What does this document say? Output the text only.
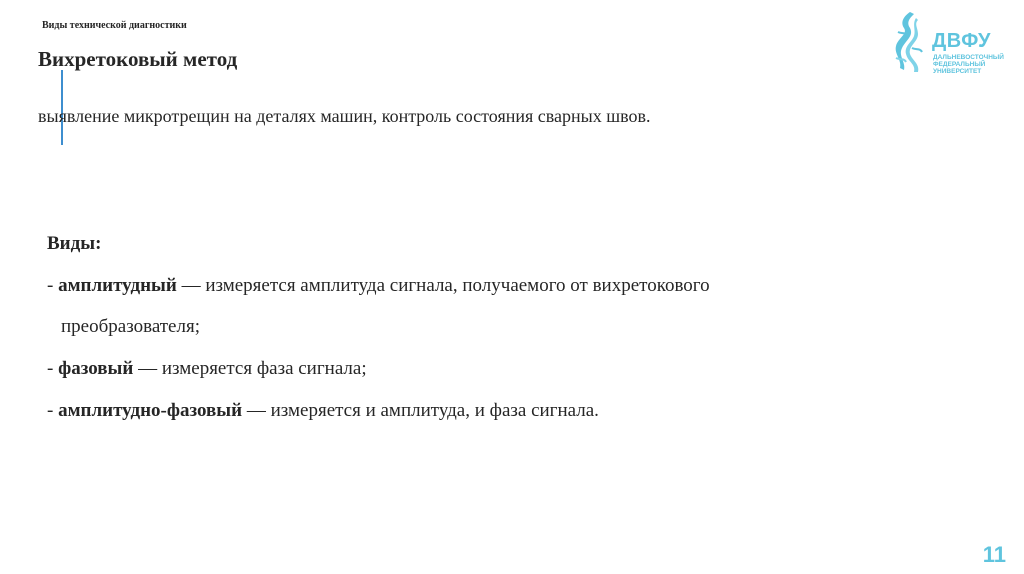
Виды технической диагностики
Вихретоковый метод
выявление микротрещин на деталях машин, контроль состояния сварных швов.
ДВФУ
ДАЛЬНЕВОСТОЧНЫЙ
ФЕДЕРАЛЬНЫЙ
УНИВЕРСИТЕТ
Виды:
- амплитудный — измеряется амплитуда сигнала, получаемого от вихретокового
преобразователя;
- фазовый — измеряется фаза сигнала;
- амплитудно-фазовый — измеряется и амплитуда, и фаза сигнала.
11
